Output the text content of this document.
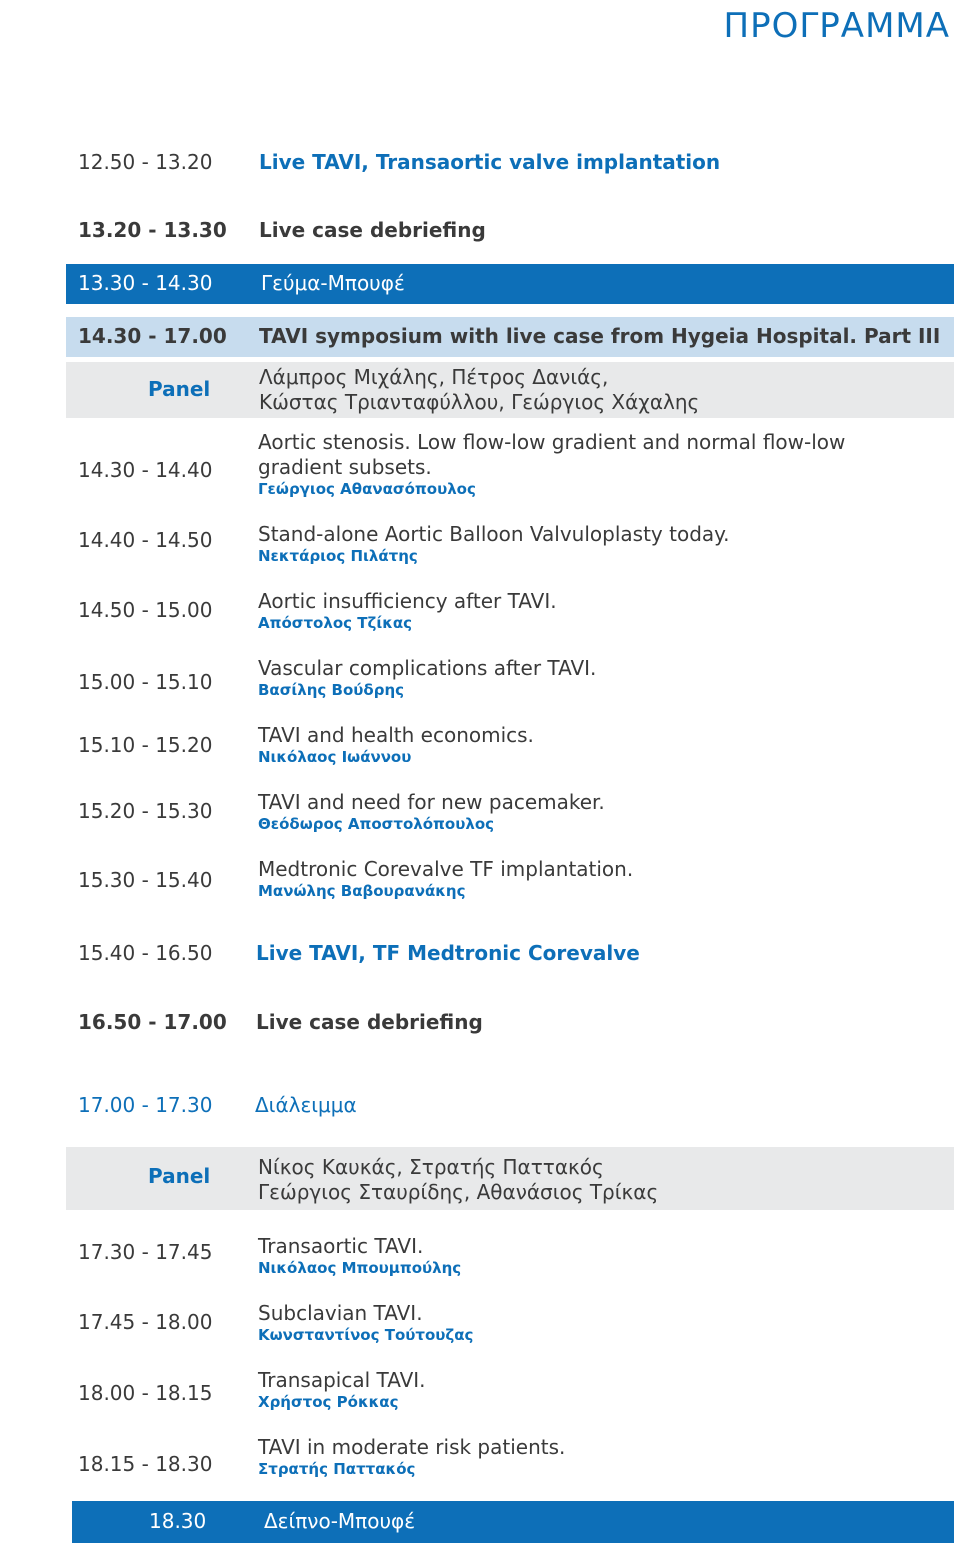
ΠΡΟΓΡΑΜΜΑ
12.50 - 13.20 Live TAVI, Transaortic valve implantation
13.20 - 13.30 Live case debriefing
13.30 - 14.30 Γεύμα-Μπουφέ
14.30 - 17.00 TAVI symposium with live case from Hygeia Hospital. Part III
Panel Λάμπρος Μιχάλης, Πέτρος Δανιάς,
Κώστας Τριανταφύλλου, Γεώργιος Χάχαλης
14.30 - 14.40
Aortic stenosis. Low flow-low gradient and normal flow-low
gradient subsets.
Γεώργιος Αθανασόπουλος
14.40 - 14.50 Stand-alone Aortic Balloon Valvuloplasty today.
Νεκτάριος Πιλάτης
14.50 - 15.00 Aortic insufficiency after TAVI.
Απόστολος Τζίκας
15.00 - 15.10
Vascular complications after TAVI.
Βασίλης Βούδρης
15.10 - 15.20 TAVI and health economics.
Νικόλαος Ιωάννου
15.20 - 15.30 TAVI and need for new pacemaker.
Θεόδωρος Αποστολόπουλος
15.30 - 15.40 Medtronic Corevalve TF implantation.
Μανώλης Βαβουρανάκης
15.40 - 16.50 Live TAVI, TF Medtronic Corevalve
16.50 - 17.00 Live case debriefing
17.00 - 17.30 Διάλειμμα
Panel Νίκος Καυκάς, Στρατής Παττακός
Γεώργιος Σταυρίδης, Αθανάσιος Τρίκας
17.30 - 17.45 Transaortic TAVI.
Νικόλαος Μπουμπούλης
17.45 - 18.00 Subclavian TAVI.
Κωνσταντίνος Τούτουζας
18.00 - 18.15
Transapical TAVI.
Χρήστος Ρόκκας
18.15 - 18.30
TAVI in moderate risk patients.
Στρατής Παττακός
18.30	Δείπνο-Μπουφέ
